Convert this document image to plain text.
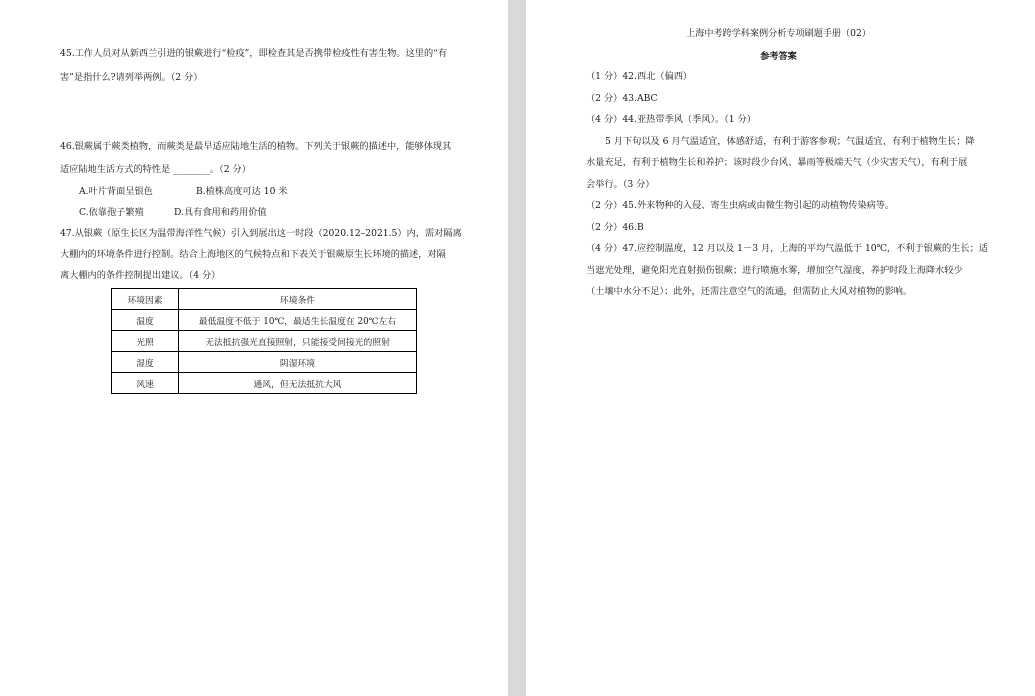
45.工作人员对从新西兰引进的银蕨进行“检疫”，即检查其是否携带检疫性有害生物。这里的“有

害”是指什么?请列举两例。（2 分）

46.银蕨属于蕨类植物，而蕨类是最早适应陆地生活的植物。下列关于银蕨的描述中，能够体现其

适应陆地生活方式的特性是 ________。（2 分）

A.叶片背面呈银色	B.植株高度可达 10 米

C.依靠孢子繁殖	D.具有食用和药用价值

47.从银蕨（原生长区为温带海洋性气候）引入到展出这一时段（2020.12–2021.5）内，需对隔离

大棚内的环境条件进行控制。结合上海地区的气候特点和下表关于银蕨原生长环境的描述，对隔

离大棚内的条件控制提出建议。（4 分）

环境因素	环境条件
温度	最低温度不低于 10℃，最适生长温度在 20℃左右
光照	无法抵抗强光直接照射，只能接受间接光的照射
湿度	阴湿环境
风速	通风，但无法抵抗大风

上海中考跨学科案例分析专项刷题手册（02）

参考答案

（1 分）42.西北（偏西）

（2 分）43.ABC

（4 分）44.亚热带季风（季风）。（1 分）

5 月下旬以及 6 月气温适宜，体感舒适，有利于游客参观；气温适宜，有利于植物生长；降

水量充足，有利于植物生长和养护；该时段少台风、暴雨等极端天气（少灾害天气），有利于展

会举行。（3 分）

（2 分）45.外来物种的入侵、寄生虫病或由微生物引起的动植物传染病等。

（2 分）46.B

（4 分）47.应控制温度，12 月以及 1－3 月，上海的平均气温低于 10℃，不利于银蕨的生长；适

当遮光处理，避免阳光直射损伤银蕨；进行喷施水雾，增加空气湿度，养护时段上海降水较少

（土壤中水分不足）；此外，还需注意空气的流通，但需防止大风对植物的影响。
